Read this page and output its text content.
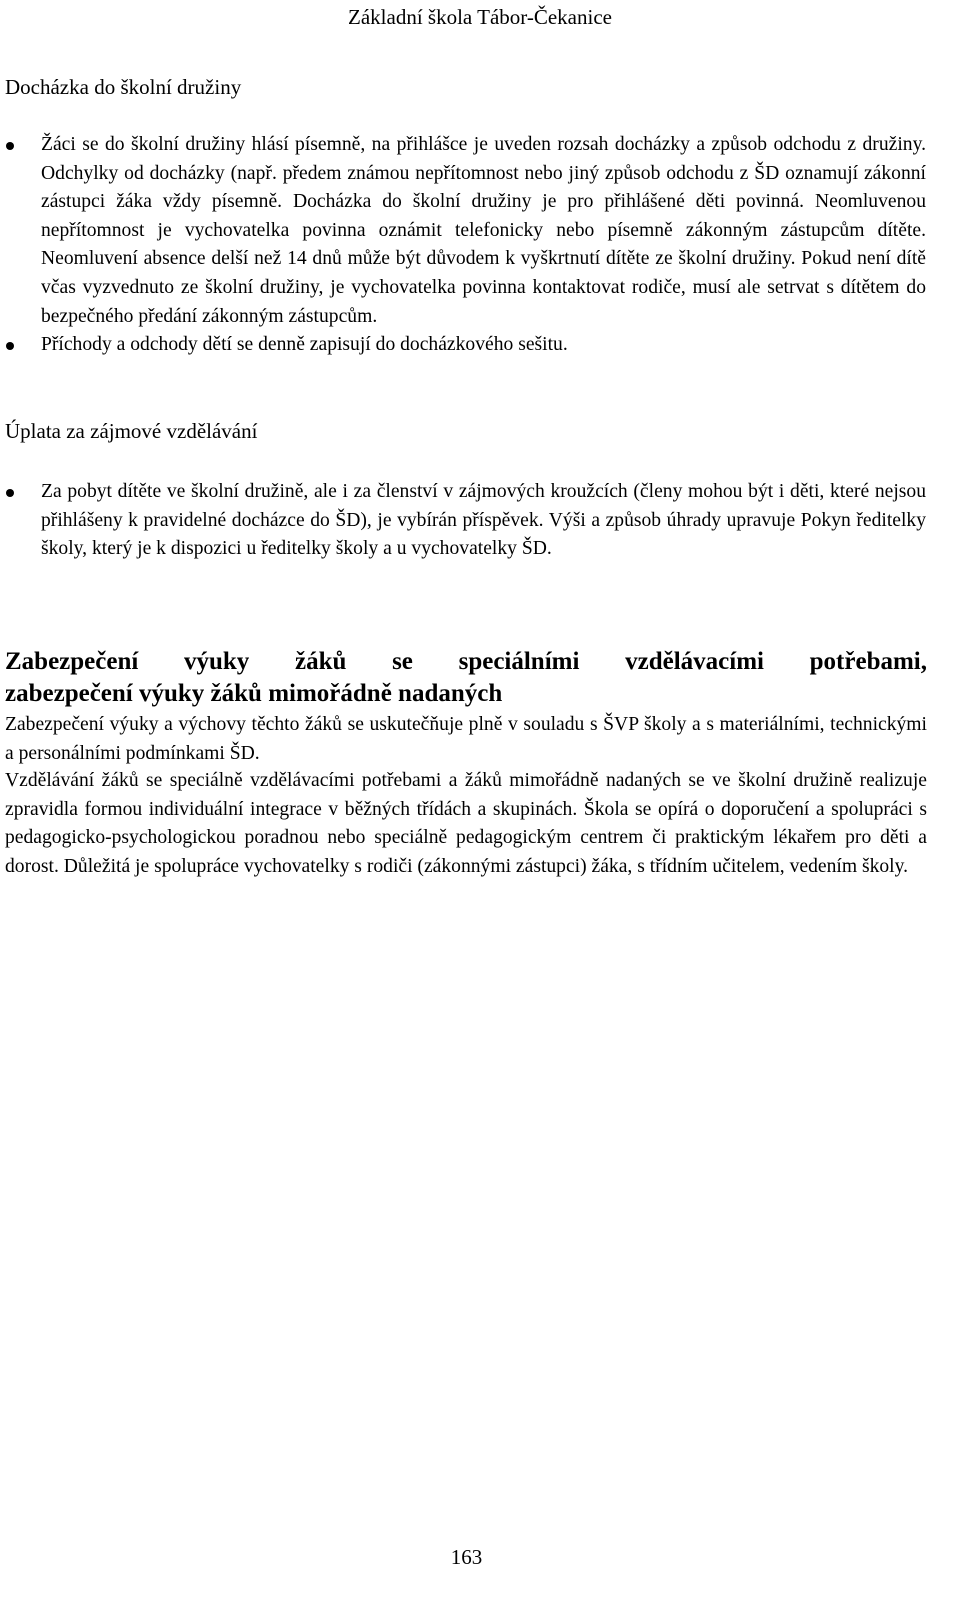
Základní škola Tábor-Čekanice
Docházka do školní družiny
Žáci se do školní družiny hlásí písemně, na přihlášce je uveden rozsah docházky a způsob odchodu z družiny. Odchylky od docházky (např. předem známou nepřítomnost nebo jiný způsob odchodu z ŠD oznamují zákonní zástupci žáka vždy písemně. Docházka do školní družiny je pro přihlášené děti povinná. Neomluvenou nepřítomnost je vychovatelka povinna oznámit telefonicky nebo písemně zákonným zástupcům dítěte. Neomluvení absence delší než 14 dnů může být důvodem k vyškrtnutí dítěte ze školní družiny. Pokud není dítě včas vyzvednuto ze školní družiny, je vychovatelka povinna kontaktovat rodiče, musí ale setrvat s dítětem do bezpečného předání zákonným zástupcům.
Příchody a odchody dětí se denně zapisují do docházkového sešitu.
Úplata za zájmové vzdělávání
Za pobyt dítěte ve školní družině, ale i za členství v zájmových kroužcích (členy mohou být i děti, které nejsou přihlášeny k pravidelné docházce do ŠD), je vybírán příspěvek. Výši a způsob úhrady upravuje Pokyn ředitelky školy, který je k dispozici u ředitelky školy a u vychovatelky ŠD.
Zabezpečení výuky žáků se speciálními vzdělávacími potřebami,
zabezpečení výuky žáků mimořádně nadaných

Zabezpečení výuky a výchovy těchto žáků se uskutečňuje plně v souladu s ŠVP školy a s materiálními, technickými a personálními podmínkami ŠD.

Vzdělávání žáků se speciálně vzdělávacími potřebami a žáků mimořádně nadaných se ve školní družině realizuje zpravidla formou individuální integrace v běžných třídách a skupinách. Škola se opírá o doporučení a spolupráci s pedagogicko-psychologickou poradnou nebo speciálně pedagogickým centrem či praktickým lékařem pro děti a dorost. Důležitá je spolupráce vychovatelky s rodiči (zákonnými zástupci) žáka, s třídním učitelem, vedením školy.

163
